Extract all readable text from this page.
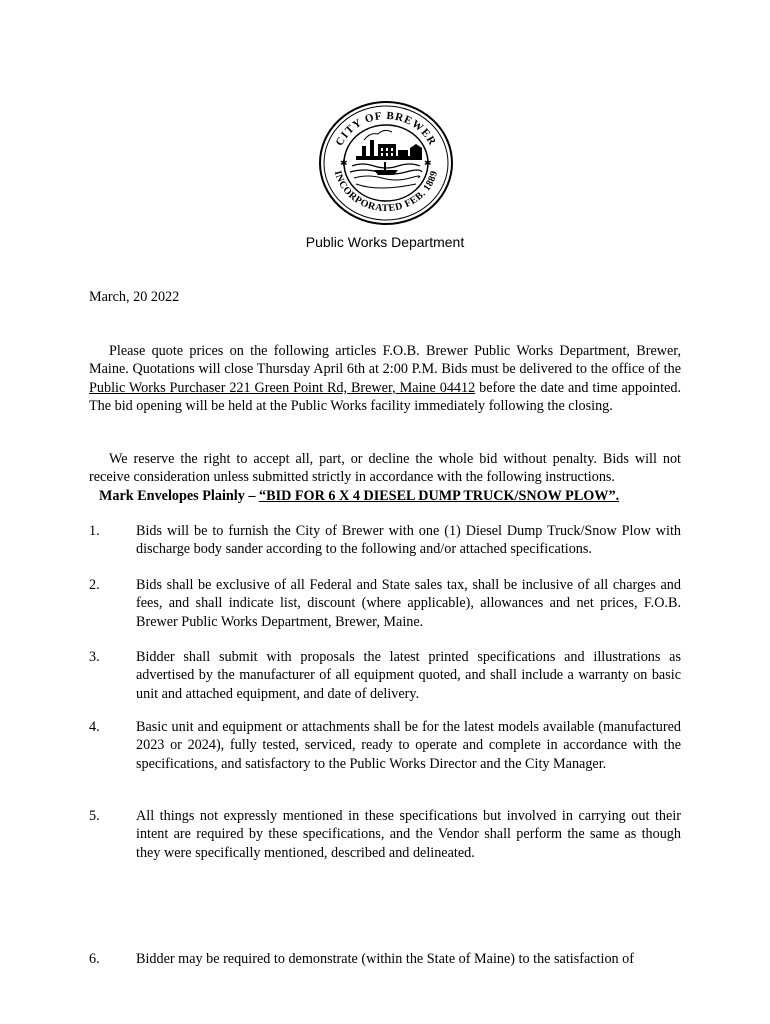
CITY OF BREWER
INCORPORATED FEB. 1889
✱	✱
Public Works Department
March, 20 2022
Please quote prices on the following articles F.O.B. Brewer Public Works Department, Brewer, Maine. Quotations will close Thursday April 6th at 2:00 P.M. Bids must be delivered to the office of the Public Works Purchaser 221 Green Point Rd, Brewer, Maine 04412 before the date and time appointed. The bid opening will be held at the Public Works facility immediately following the closing.
We reserve the right to accept all, part, or decline the whole bid without penalty. Bids will not receive consideration unless submitted strictly in accordance with the following instructions.
Mark Envelopes Plainly – “BID FOR 6 X 4 DIESEL DUMP TRUCK/SNOW PLOW”.
1.	Bids will be to furnish the City of Brewer with one (1) Diesel Dump Truck/Snow Plow with discharge body sander according to the following and/or attached specifications.
2.	Bids shall be exclusive of all Federal and State sales tax, shall be inclusive of all charges and fees, and shall indicate list, discount (where applicable), allowances and net prices, F.O.B. Brewer Public Works Department, Brewer, Maine.
3.	Bidder shall submit with proposals the latest printed specifications and illustrations as advertised by the manufacturer of all equipment quoted, and shall include a warranty on basic unit and attached equipment, and date of delivery.
4.	Basic unit and equipment or attachments shall be for the latest models available (manufactured 2023 or 2024), fully tested, serviced, ready to operate and complete in accordance with the specifications, and satisfactory to the Public Works Director and the City Manager.
5.	All things not expressly mentioned in these specifications but involved in carrying out their intent are required by these specifications, and the Vendor shall perform the same as though they were specifically mentioned, described and delineated.
6.	Bidder may be required to demonstrate (within the State of Maine) to the satisfaction of
